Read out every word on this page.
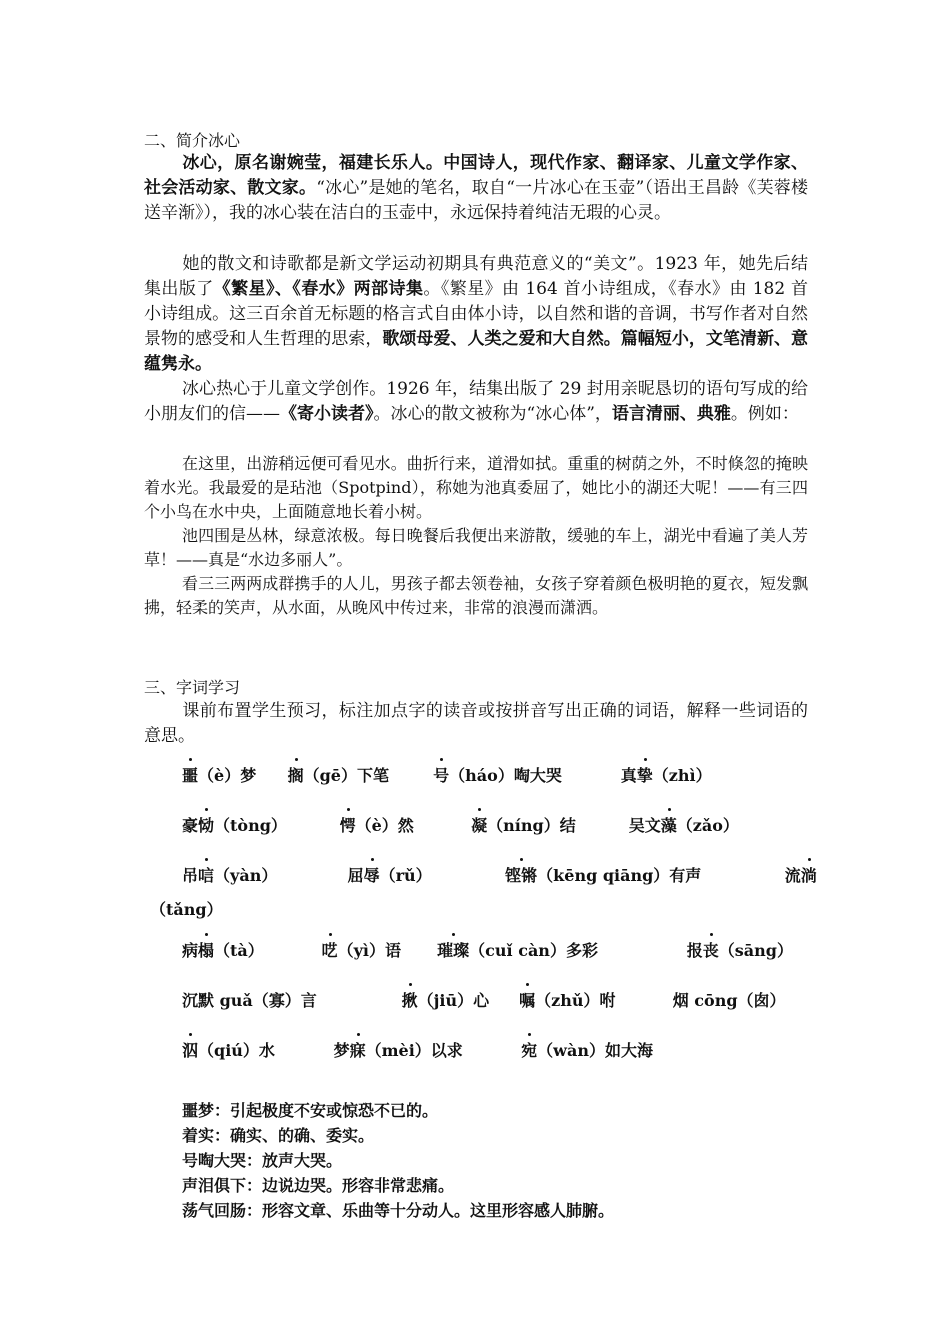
二、简介冰心
冰心，原名谢婉莹，福建长乐人。中国诗人，现代作家、翻译家、儿童文学作家、社会活动家、散文家。“冰心”是她的笔名，取自“一片冰心在玉壶”（语出王昌龄《芙蓉楼送辛渐》），我的冰心装在洁白的玉壶中，永远保持着纯洁无瑕的心灵。
她的散文和诗歌都是新文学运动初期具有典范意义的“美文”。1923 年，她先后结集出版了《繁星》、《春水》两部诗集。《繁星》由 164 首小诗组成，《春水》由 182 首小诗组成。这三百余首无标题的格言式自由体小诗，以自然和谐的音调，书写作者对自然景物的感受和人生哲理的思索，歌颂母爱、人类之爱和大自然。篇幅短小，文笔清新、意蕴隽永。
冰心热心于儿童文学创作。1926 年，结集出版了 29 封用亲昵恳切的语句写成的给小朋友们的信——《寄小读者》。冰心的散文被称为“冰心体”，语言清丽、典雅。例如：
在这里，出游稍远便可看见水。曲折行来，道滑如拭。重重的树荫之外，不时倏忽的掩映着水光。我最爱的是玷池（Spotpind），称她为池真委屈了，她比小的湖还大呢！——有三四个小鸟在水中央，上面随意地长着小树。
池四围是丛林，绿意浓极。每日晚餐后我便出来游散，缓驰的车上，湖光中看遍了美人芳草！——真是“水边多丽人”。
看三三两两成群携手的人儿，男孩子都去领卷袖，女孩子穿着颜色极明艳的夏衣，短发飘拂，轻柔的笑声，从水面，从晚风中传过来，非常的浪漫而潇洒。
三、字词学习
课前布置学生预习，标注加点字的读音或按拼音写出正确的词语，解释一些词语的意思。
噩（è）梦 搁（gē）下笔	号（háo）啕大哭	真挚（zhì）
豪恸（tòng）	愕（è）然	凝（níng）结	吴文藻（zǎo）
吊唁（yàn）	屈辱（rǔ）	铿锵（kēng qiāng）有声	流淌
（tǎng）
病榻（tà）	呓（yì）语 璀璨（cuǐ càn）多彩	报丧（sāng）
沉默 guǎ（寡）言	揪（jiū）心 嘱（zhǔ）咐	烟 cōng（囱）
泅（qiú）水	梦寐（mèi）以求	宛（wàn）如大海
噩梦：引起极度不安或惊恐不已的。
着实：确实、的确、委实。
号啕大哭：放声大哭。
声泪俱下：边说边哭。形容非常悲痛。
荡气回肠：形容文章、乐曲等十分动人。这里形容感人肺腑。
